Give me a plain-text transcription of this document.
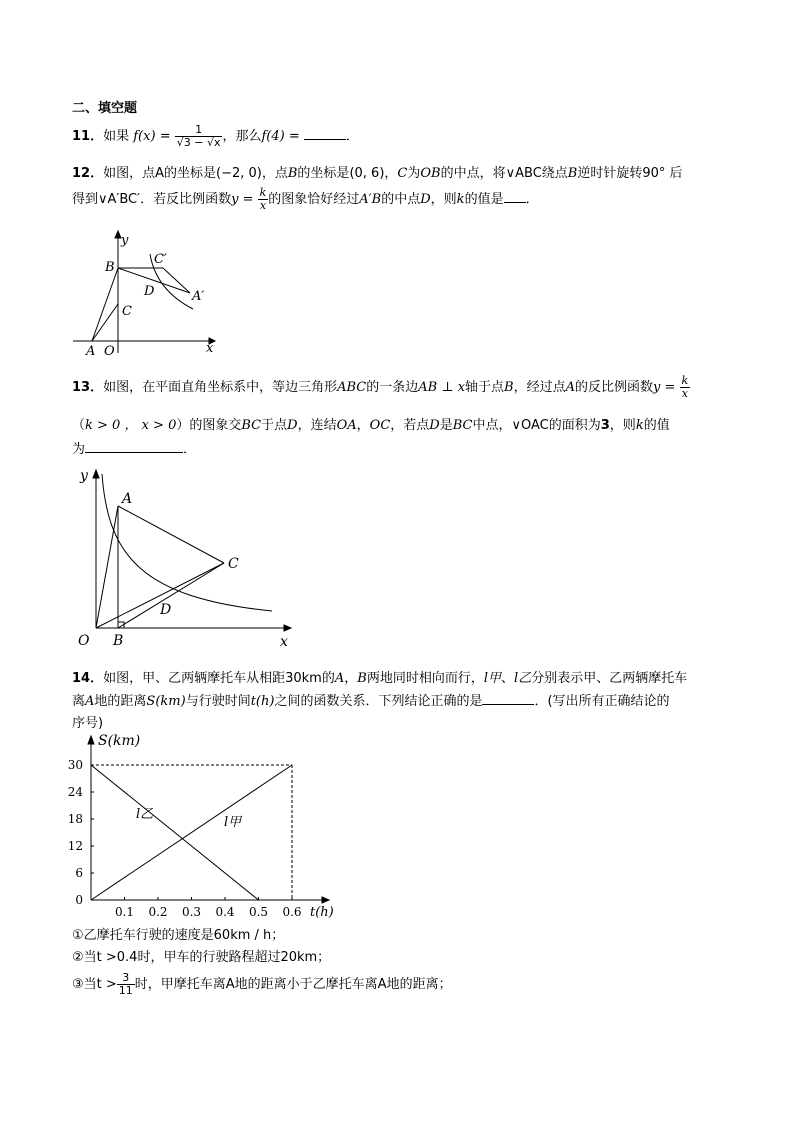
二、填空题
11．如果 $f(x) = \frac{1}{√3 - √x}$ ，那么f(4) =	．
12．如图，点A的坐标是(−2, 0)，点B的坐标是(0, 6)，C为OB的中点，将∨ABC绕点B逆时针旋转90° 后
得到∨A′BC′．若反比例函数$y = \frac{k}{x}$ 的图象恰好经过A′B的中点D，则k的值是 ．
y
x
B
C′
D	A′
C
A O
13．如图，在平面直角坐标系中，等边三角形ABC的一条边AB ⊥ x轴于点B，经过点A的反比例函数$y = \frac{k}{x}$
（k > 0 ， x > 0）的图象交BC于点D，连结OA，OC，若点D是BC中点，∨OAC的面积为3，则k的值
为	．
y
A
C
D
O B	x
14．如图，甲、乙两辆摩托车从相距30km的A，B两地同时相向而行，l甲、l乙分别表示甲、乙两辆摩托车
离A地的距离S(km)与行驶时间t(h)之间的函数关系．下列结论正确的是	．(写出所有正确结论的
序号)
0.1 0.2 0.3 0.4 0.5 0.6
0
6
12
18
24
30
S(km)
t(h)
l乙
l甲
①乙摩托车行驶的速度是60km / h；
②当t >0.4时，甲车的行驶路程超过20km；
③当$t > \frac{3}{11}$ 时，甲摩托车离A地的距离小于乙摩托车离A地的距离；
